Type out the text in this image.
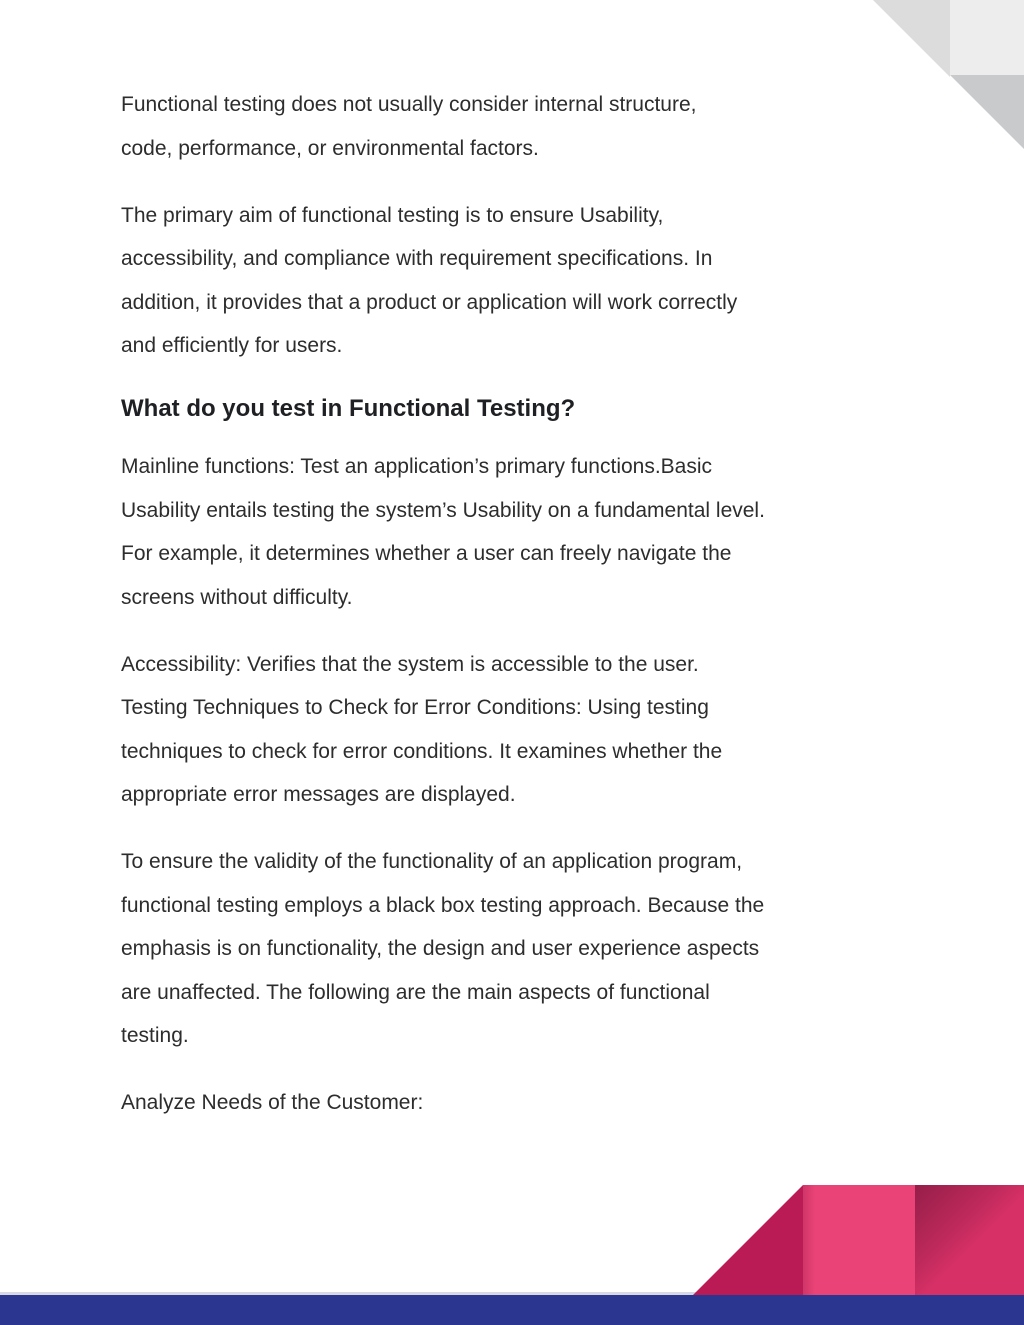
Functional testing does not usually consider internal structure,
code, performance, or environmental factors.
The primary aim of functional testing is to ensure Usability,
accessibility, and compliance with requirement specifications. In
addition, it provides that a product or application will work correctly
and efficiently for users.
What do you test in Functional Testing?
Mainline functions: Test an application’s primary functions.Basic
Usability entails testing the system’s Usability on a fundamental level.
For example, it determines whether a user can freely navigate the
screens without difficulty.
Accessibility: Verifies that the system is accessible to the user.
Testing Techniques to Check for Error Conditions: Using testing
techniques to check for error conditions. It examines whether the
appropriate error messages are displayed.
To ensure the validity of the functionality of an application program,
functional testing employs a black box testing approach. Because the
emphasis is on functionality, the design and user experience aspects
are unaffected. The following are the main aspects of functional
testing.
Analyze Needs of the Customer:
